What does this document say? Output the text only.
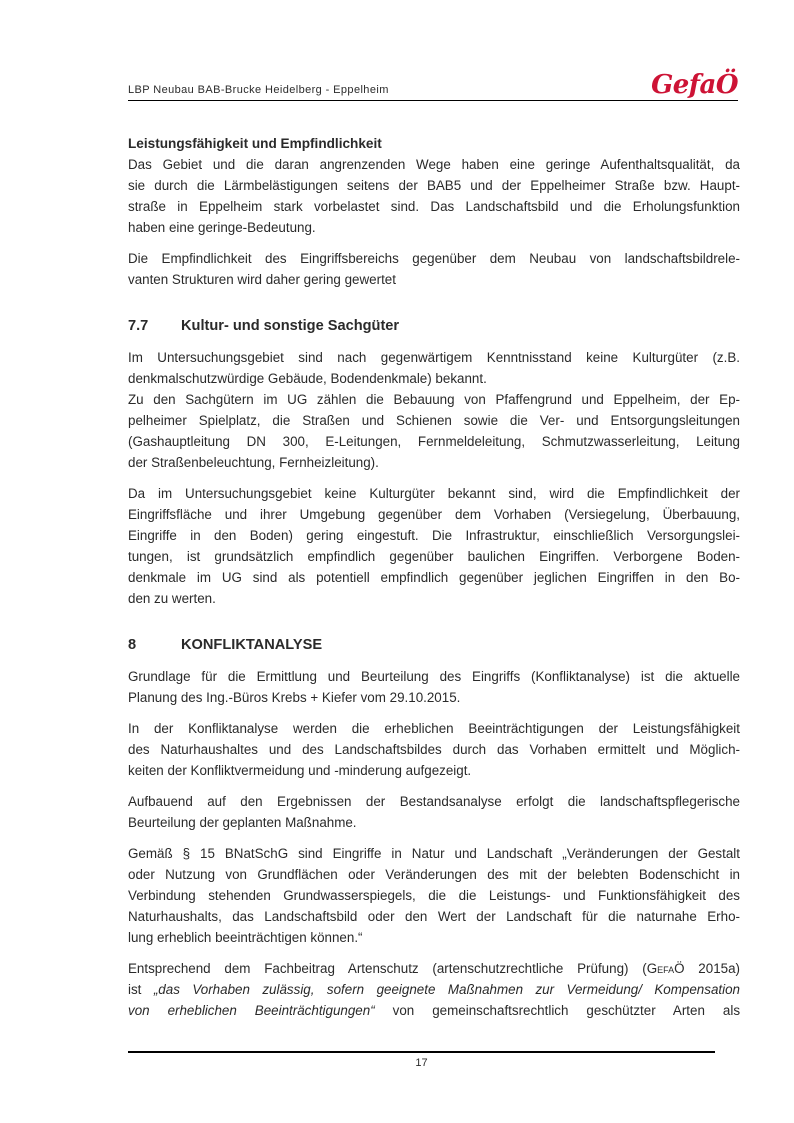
LBP Neubau BAB-Brucke Heidelberg - Eppelheim	GefaÖ
Leistungsfähigkeit und Empfindlichkeit
Das Gebiet und die daran angrenzenden Wege haben eine geringe Aufenthaltsqualität, da
sie durch die Lärmbelästigungen seitens der BAB5 und der Eppelheimer Straße bzw. Haupt-
straße in Eppelheim stark vorbelastet sind. Das Landschaftsbild und die Erholungsfunktion
haben eine geringe-Bedeutung.
Die Empfindlichkeit des Eingriffsbereichs gegenüber dem Neubau von landschaftsbildrele-
vanten Strukturen wird daher gering gewertet
7.7	Kultur- und sonstige Sachgüter
Im Untersuchungsgebiet sind nach gegenwärtigem Kenntnisstand keine Kulturgüter (z.B.
denkmalschutzwürdige Gebäude, Bodendenkmale) bekannt.
Zu den Sachgütern im UG zählen die Bebauung von Pfaffengrund und Eppelheim, der Ep-
pelheimer Spielplatz, die Straßen und Schienen sowie die Ver- und Entsorgungsleitungen
(Gashauptleitung DN 300, E-Leitungen, Fernmeldeleitung, Schmutzwasserleitung, Leitung
der Straßenbeleuchtung, Fernheizleitung).
Da im Untersuchungsgebiet keine Kulturgüter bekannt sind, wird die Empfindlichkeit der
Eingriffsfläche und ihrer Umgebung gegenüber dem Vorhaben (Versiegelung, Überbauung,
Eingriffe in den Boden) gering eingestuft. Die Infrastruktur, einschließlich Versorgungslei-
tungen, ist grundsätzlich empfindlich gegenüber baulichen Eingriffen. Verborgene Boden-
denkmale im UG sind als potentiell empfindlich gegenüber jeglichen Eingriffen in den Bo-
den zu werten.
8	KONFLIKTANALYSE
Grundlage für die Ermittlung und Beurteilung des Eingriffs (Konfliktanalyse) ist die aktuelle
Planung des Ing.-Büros Krebs + Kiefer vom 29.10.2015.
In der Konfliktanalyse werden die erheblichen Beeinträchtigungen der Leistungsfähigkeit
des Naturhaushaltes und des Landschaftsbildes durch das Vorhaben ermittelt und Möglich-
keiten der Konfliktvermeidung und -minderung aufgezeigt.
Aufbauend auf den Ergebnissen der Bestandsanalyse erfolgt die landschaftspflegerische
Beurteilung der geplanten Maßnahme.
Gemäß § 15 BNatSchG sind Eingriffe in Natur und Landschaft „Veränderungen der Gestalt
oder Nutzung von Grundflächen oder Veränderungen des mit der belebten Bodenschicht in
Verbindung stehenden Grundwasserspiegels, die die Leistungs- und Funktionsfähigkeit des
Naturhaushalts, das Landschaftsbild oder den Wert der Landschaft für die naturnahe Erho-
lung erheblich beeinträchtigen können.“
Entsprechend dem Fachbeitrag Artenschutz (artenschutzrechtliche Prüfung) (GefaÖ 2015a)
ist „das Vorhaben zulässig, sofern geeignete Maßnahmen zur Vermeidung/ Kompensation
von erheblichen Beeinträchtigungen“ von gemeinschaftsrechtlich geschützter Arten als
17
